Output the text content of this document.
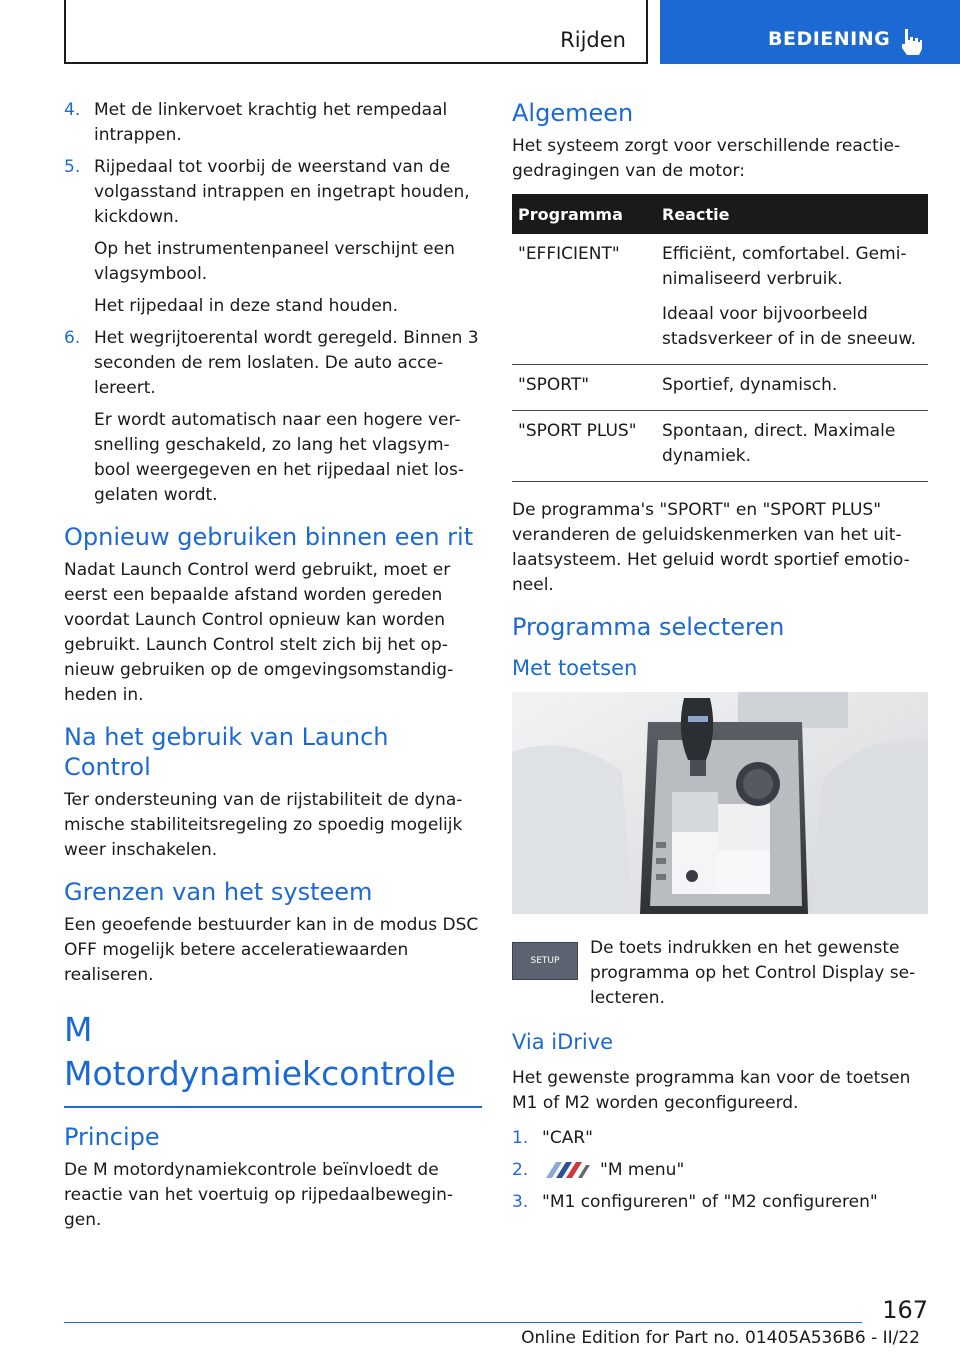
Rijden	BEDIENING
4. Met de linkervoet krachtig het rempedaal intrappen.

5. Rijpedaal tot voorbij de weerstand van de volgasstand intrappen en ingetrapt houden, kickdown.

Op het instrumentenpaneel verschijnt een vlagsymbool.

Het rijpedaal in deze stand houden.

6. Het wegrijtoerental wordt geregeld. Binnen 3 seconden de rem loslaten. De auto acce-lereert.

Er wordt automatisch naar een hogere ver-snelling geschakeld, zo lang het vlagsym-bool weergegeven en het rijpedaal niet los-gelaten wordt.

Opnieuw gebruiken binnen een rit

Nadat Launch Control werd gebruikt, moet er eerst een bepaalde afstand worden gereden voordat Launch Control opnieuw kan worden gebruikt. Launch Control stelt zich bij het op-nieuw gebruiken op de omgevingsomstandig-heden in.

Na het gebruik van Launch Control

Ter ondersteuning van de rijstabiliteit de dyna-mische stabiliteitsregeling zo spoedig mogelijk weer inschakelen.

Grenzen van het systeem

Een geoefende bestuurder kan in de modus DSC OFF mogelijk betere acceleratiewaarden realiseren.

M Motordynamiekcontrole
Principe

De M motordynamiekcontrole beïnvloedt de reactie van het voertuig op rijpedaalbewegin-gen.

Algemeen

Het systeem zorgt voor verschillende reactie-gedragingen van de motor:

Programma	Reactie
"EFFICIENT"	Efficiënt, comfortabel. Gemi-nimaliseerd verbruik.

Ideaal voor bijvoorbeeld stadsverkeer of in de sneeuw.

"SPORT"	Sportief, dynamisch.

"SPORT PLUS"	Spontaan, direct. Maximale dynamiek.

De programma's "SPORT" en "SPORT PLUS" veranderen de geluidskenmerken van het uit-laatsysteem. Het geluid wordt sportief emotio-neel.

Programma selecteren
Met toetsen
SETUP
De toets indrukken en het gewenste programma op het Control Display se-lecteren.
Via iDrive

Het gewenste programma kan voor de toetsen M1 of M2 worden geconfigureerd.

1. "CAR"

2.	"M menu"

3. "M1 configureren" of "M2 configureren"

167
Online Edition for Part no. 01405A536B6 - II/22
